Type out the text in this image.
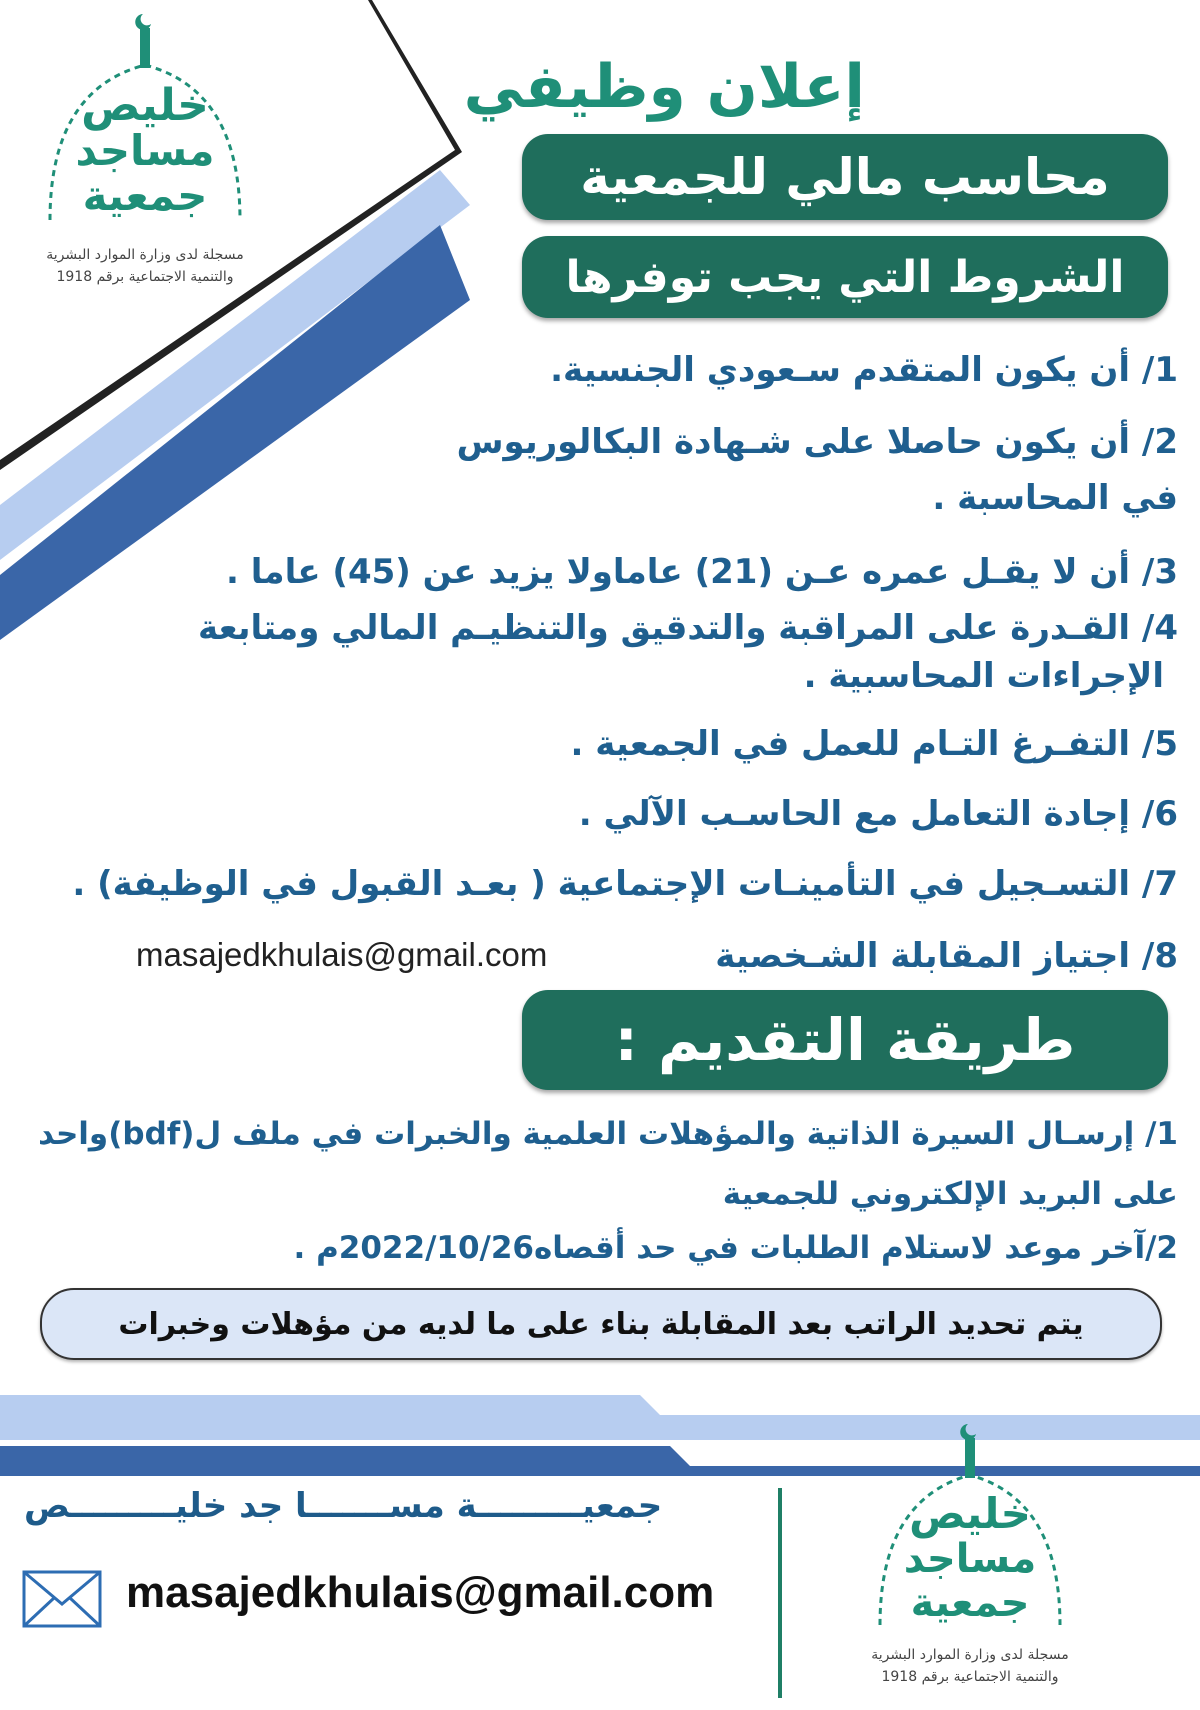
خليص
مساجد
جمعية
مسجلة لدى وزارة الموارد البشرية
والتنمية الاجتماعية برقم 1918
إعلان وظيفي
محاسب مالي للجمعية
الشروط التي يجب توفرها
1/ أن يكون المتقدم سـعودي الجنسية.
2/ أن يكون حاصلا على شـهادة البكالوريوس
في المحاسبة .
3/ أن لا يقـل عمره عـن (21) عاماولا يزيد عن (45) عاما .
4/ القـدرة على المراقبة والتدقيق والتنظيـم المالي ومتابعة
الإجراءات المحاسبية .
5/ التفـرغ التـام للعمل في الجمعية .
6/ إجادة التعامل مع الحاسـب الآلي .
7/ التسـجيل في التأمينـات الإجتماعية ( بعـد القبول في الوظيفة) .
8/ اجتياز المقابلة الشـخصية
masajedkhulais@gmail.com
طريقة التقديم :
1/ إرسـال السيرة الذاتية والمؤهلات العلمية والخبرات في ملف ل(bdf)واحد
على البريد الإلكتروني للجمعية
2/آخر موعد لاستلام الطلبات في حد أقصاه2022/10/26م .
يتم تحديد الراتب بعد المقابلة بناء على ما لديه من مؤهلات وخبرات
جمعيـــــــــة مســـــــا جد خليـــــــــص
masajedkhulais@gmail.com
خليص
مساجد
جمعية
مسجلة لدى وزارة الموارد البشرية
والتنمية الاجتماعية برقم 1918
